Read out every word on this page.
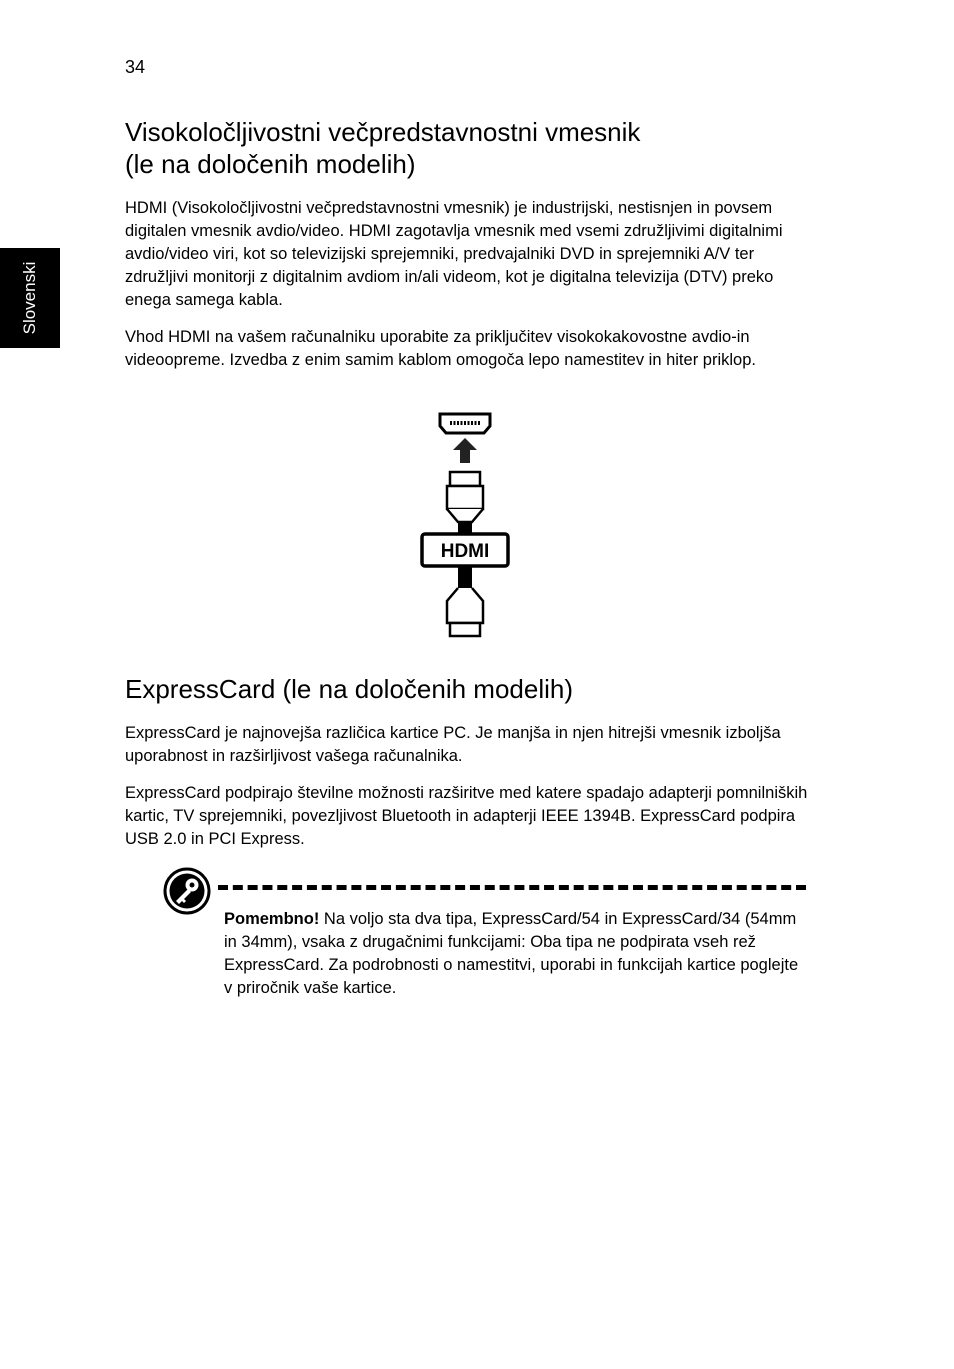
34
Slovenski
Visokoločljivostni večpredstavnostni vmesnik
(le na določenih modelih)

HDMI (Visokoločljivostni večpredstavnostni vmesnik) je industrijski, nestisnjen in povsem digitalen vmesnik avdio/video. HDMI zagotavlja vmesnik med vsemi združljivimi digitalnimi avdio/video viri, kot so televizijski sprejemniki, predvajalniki DVD in sprejemniki A/V ter združljivi monitorji z digitalnim avdiom in/ali videom, kot je digitalna televizija (DTV) preko enega samega kabla.

Vhod HDMI na vašem računalniku uporabite za priključitev visokokakovostne avdio-in videoopreme. Izvedba z enim samim kablom omogoča lepo namestitev in hiter priklop.

HDMI
ExpressCard (le na določenih modelih)

ExpressCard je najnovejša različica kartice PC. Je manjša in njen hitrejši vmesnik izboljša uporabnost in razširljivost vašega računalnika.

ExpressCard podpirajo številne možnosti razširitve med katere spadajo adapterji pomnilniških kartic, TV sprejemniki, povezljivost Bluetooth in adapterji IEEE 1394B. ExpressCard podpira USB 2.0 in PCI Express.

Pomembno! Na voljo sta dva tipa, ExpressCard/54 in ExpressCard/34 (54mm in 34mm), vsaka z drugačnimi funkcijami: Oba tipa ne podpirata vseh rež ExpressCard. Za podrobnosti o namestitvi, uporabi in funkcijah kartice poglejte v priročnik vaše kartice.
